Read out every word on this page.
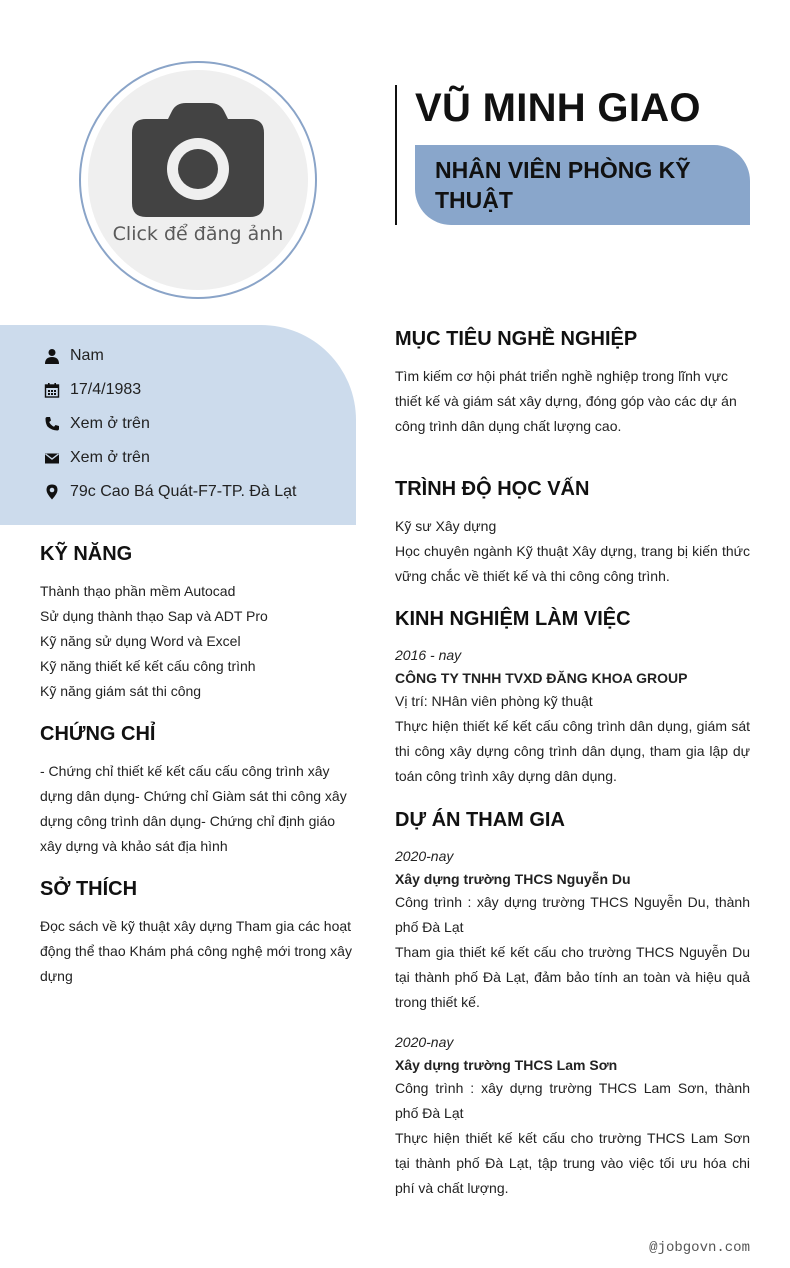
Click để đăng ảnh
VŨ MINH GIAO
NHÂN VIÊN PHÒNG KỸ THUẬT
Nam
17/4/1983
Xem ở trên
Xem ở trên
79c Cao Bá Quát-F7-TP. Đà Lạt
KỸ NĂNG
Thành thạo phần mềm Autocad
Sử dụng thành thạo Sap và ADT Pro
Kỹ năng sử dụng Word và Excel
Kỹ năng thiết kế kết cấu công trình
Kỹ năng giám sát thi công
CHỨNG CHỈ
- Chứng chỉ thiết kế kết cấu cấu công trình xây dựng dân dụng- Chứng chỉ Giàm sát thi công xây dựng công trình dân dụng- Chứng chỉ định giáo xây dựng và khảo sát địa hình
SỞ THÍCH
Đọc sách về kỹ thuật xây dựng Tham gia các hoạt động thể thao Khám phá công nghệ mới trong xây dựng
MỤC TIÊU NGHỀ NGHIỆP
Tìm kiếm cơ hội phát triển nghề nghiệp trong lĩnh vực thiết kế và giám sát xây dựng, đóng góp vào các dự án công trình dân dụng chất lượng cao.
TRÌNH ĐỘ HỌC VẤN
Kỹ sư Xây dựng
Học chuyên ngành Kỹ thuật Xây dựng, trang bị kiến thức vững chắc về thiết kế và thi công công trình.
KINH NGHIỆM LÀM VIỆC
2016 - nay
CÔNG TY TNHH TVXD ĐĂNG KHOA GROUP
Vị trí: NHân viên phòng kỹ thuật
Thực hiện thiết kế kết cấu công trình dân dụng, giám sát thi công xây dựng công trình dân dụng, tham gia lập dự toán công trình xây dựng dân dụng.
DỰ ÁN THAM GIA
2020-nay
Xây dựng trường THCS Nguyễn Du
Công trình : xây dựng trường THCS Nguyễn Du, thành phố Đà Lạt
Tham gia thiết kế kết cấu cho trường THCS Nguyễn Du tại thành phố Đà Lạt, đảm bảo tính an toàn và hiệu quả trong thiết kế.
2020-nay
Xây dựng trường THCS Lam Sơn
Công trình : xây dựng trường THCS Lam Sơn, thành phố Đà Lạt
Thực hiện thiết kế kết cấu cho trường THCS Lam Sơn tại thành phố Đà Lạt, tập trung vào việc tối ưu hóa chi phí và chất lượng.
@jobgovn.com
